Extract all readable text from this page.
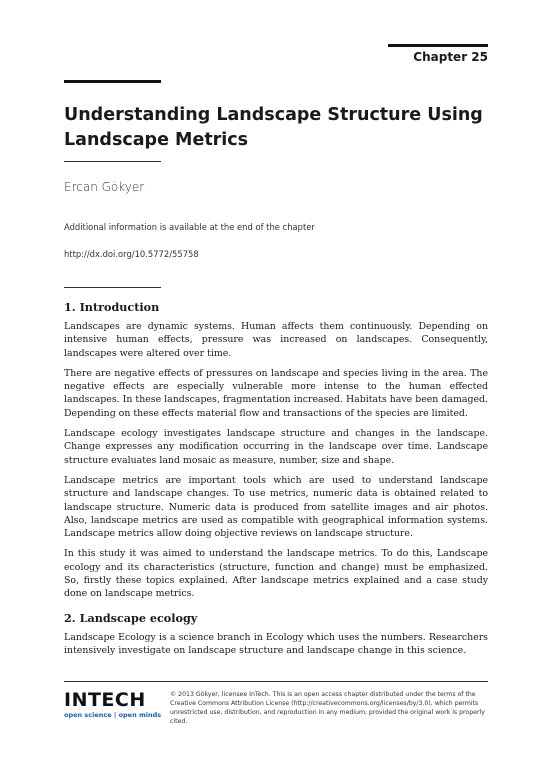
Chapter 25
Understanding Landscape Structure Using
Landscape Metrics
Ercan Gökyer
Additional information is available at the end of the chapter
http://dx.doi.org/10.5772/55758
1. Introduction

Landscapes are dynamic systems. Human affects them continuously. Depending on intensive human effects, pressure was increased on landscapes. Consequently, landscapes were altered over time.

There are negative effects of pressures on landscape and species living in the area. The negative effects are especially vulnerable more intense to the human effected landscapes. In these landscapes, fragmentation increased. Habitats have been damaged. Depending on these effects material flow and transactions of the species are limited.

Landscape ecology investigates landscape structure and changes in the landscape. Change expresses any modification occurring in the landscape over time. Landscape structure evaluates land mosaic as measure, number, size and shape.

Landscape metrics are important tools which are used to understand landscape structure and landscape changes. To use metrics, numeric data is obtained related to landscape structure. Numeric data is produced from satellite images and air photos. Also, landscape metrics are used as compatible with geographical information systems. Landscape metrics allow doing objective reviews on landscape structure.

In this study it was aimed to understand the landscape metrics. To do this, Landscape ecology and its characteristics (structure, function and change) must be emphasized. So, firstly these topics explained. After landscape metrics explained and a case study done on landscape metrics.

2. Landscape ecology

Landscape Ecology is a science branch in Ecology which uses the numbers. Researchers intensively investigate on landscape structure and landscape change in this science.

INTECH
open science | open minds
© 2013 Gökyer, licensee InTech. This is an open access chapter distributed under the terms of the Creative Commons Attribution License (http://creativecommons.org/licenses/by/3.0), which permits unrestricted use, distribution, and reproduction in any medium, provided the original work is properly cited.
